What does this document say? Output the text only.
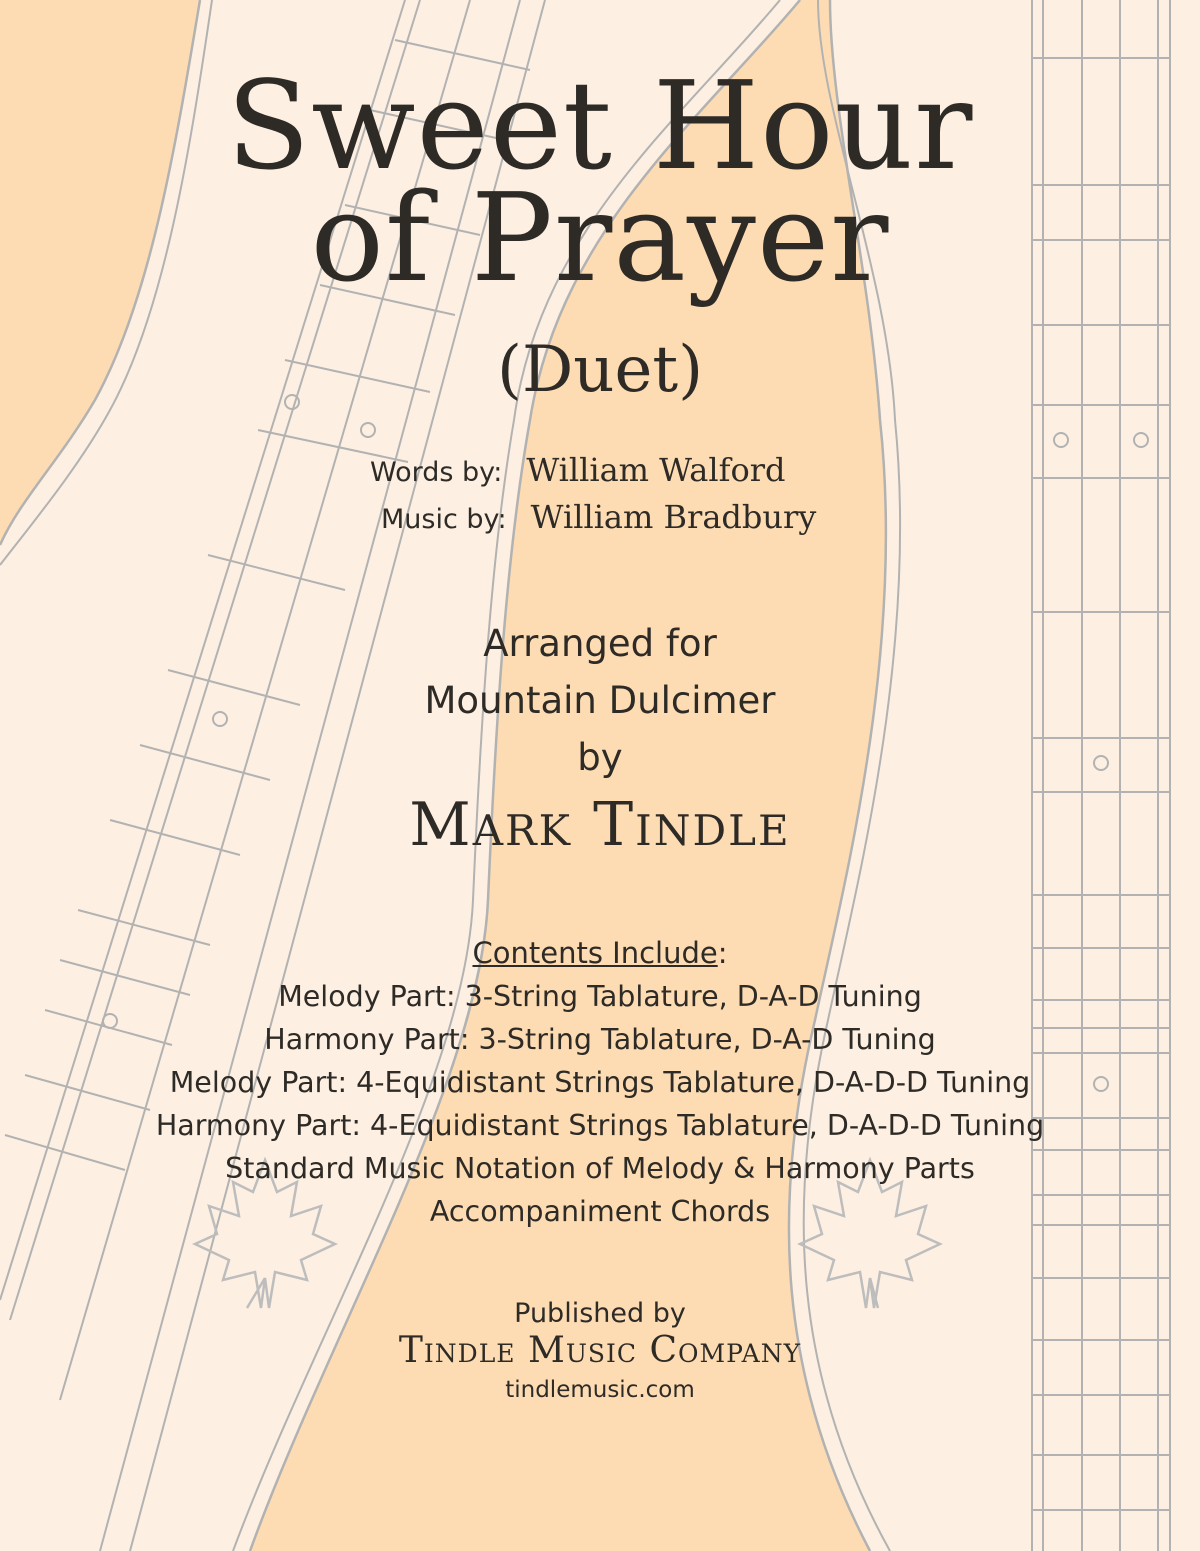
Sweet Hour
of Prayer
(Duet)
Words by: William Walford
Music by: William Bradbury
Arranged for
Mountain Dulcimer
by
Mark Tindle
Contents Include:
Melody Part: 3-String Tablature, D-A-D Tuning
Harmony Part: 3-String Tablature, D-A-D Tuning
Melody Part: 4-Equidistant Strings Tablature, D-A-D-D Tuning
Harmony Part: 4-Equidistant Strings Tablature, D-A-D-D Tuning
Standard Music Notation of Melody & Harmony Parts
Accompaniment Chords
Published by
Tindle Music Company
tindlemusic.com
